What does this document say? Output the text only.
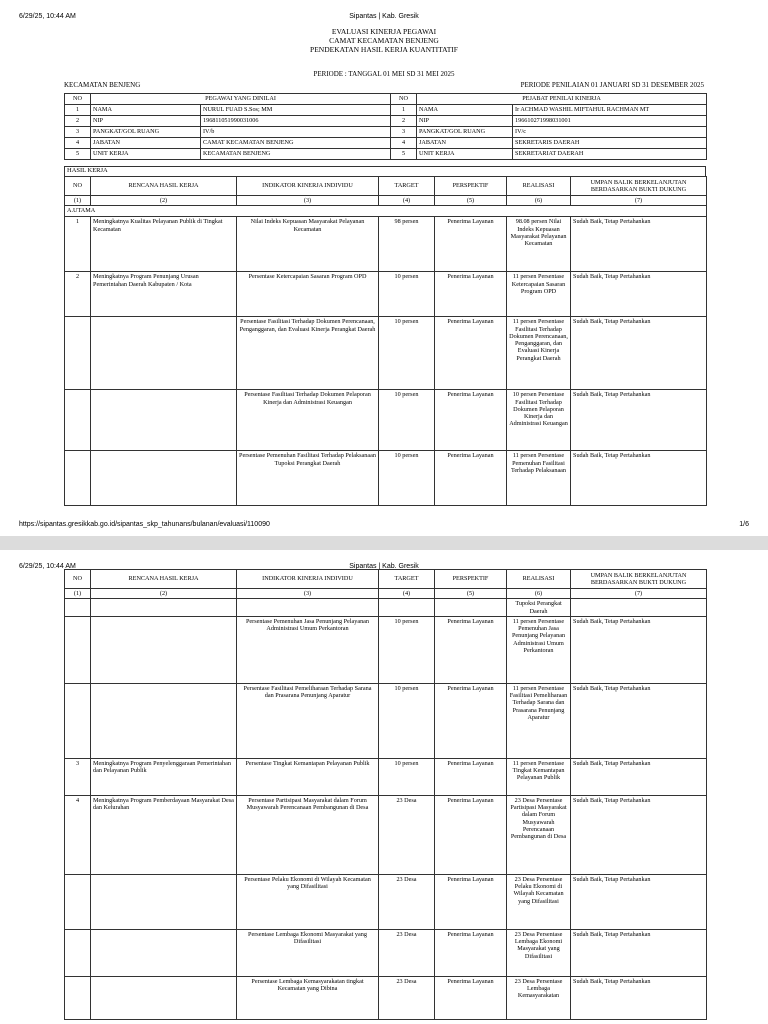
6/29/25, 10:44 AM	Sipantas | Kab. Gresik
EVALUASI KINERJA PEGAWAI
CAMAT KECAMATAN BENJENG
PENDEKATAN HASIL KERJA KUANTITATIF
PERIODE : TANGGAL 01 MEI SD 31 MEI 2025
KECAMATAN BENJENG	PERIODE PENILAIAN 01 JANUARI SD 31 DESEMBER 2025
NO	PEGAWAI YANG DINILAI		NO	PEJABAT PENILAI KINERJA	
1	NAMA	NURUL FUAD S.Sos; MM	1	NAMA	Ir ACHMAD WASHIL MIFTAHUL RACHMAN MT
2	NIP	196811051990031006	2	NIP	196610271998031001
3	PANGKAT/GOL RUANG	IV/b	3	PANGKAT/GOL RUANG	IV/c
4	JABATAN	CAMAT KECAMATAN BENJENG	4	JABATAN	SEKRETARIS DAERAH
5	UNIT KERJA	KECAMATAN BENJENG	5	UNIT KERJA	SEKRETARIAT DAERAH
HASIL KERJA
NO	RENCANA HASIL KERJA	INDIKATOR KINERJA INDIVIDU	TARGET	PERSPEKTIF	REALISASI	UMPAN BALIK BERKELANJUTAN BERDASARKAN BUKTI DUKUNG
(1)	(2)	(3)	(4)	(5)	(6)	(7)
A.UTAMA						
1	Meningkatnya Kualitas Pelayanan Publik di Tingkat Kecamatan	Nilai Indeks Kepuasan Masyarakat Pelayanan Kecamatan	98 persen	Penerima Layanan	98.08 persen Nilai Indeks Kepuasan Masyarakat Pelayanan Kecamatan	Sudah Baik, Tetap Pertahankan
2	Meningkatnya Program Penunjang Urusan Pemerintahan Daerah Kabupaten / Kota	Persentase Ketercapaian Sasaran Program OPD	10 persen	Penerima Layanan	11 persen Persentase Ketercapaian Sasaran Program OPD	Sudah Baik, Tetap Pertahankan
		Persentase Fasilitasi Terhadap Dokumen Perencanaan, Penganggaran, dan Evaluasi Kinerja Perangkat Daerah	10 persen	Penerima Layanan	11 persen Persentase Fasilitasi Terhadap Dokumen Perencanaan, Penganggaran, dan Evaluasi Kinerja Perangkat Daerah	Sudah Baik, Tetap Pertahankan
		Persentase Fasilitasi Terhadap Dokumen Pelaporan Kinerja dan Administrasi Keuangan	10 persen	Penerima Layanan	10 persen Persentase Fasilitasi Terhadap Dokumen Pelaporan Kinerja dan Administrasi Keuangan	Sudah Baik, Tetap Pertahankan
		Persentase Pemenuhan Fasilitasi Terhadap Pelaksanaan Tupoksi Perangkat Daerah	10 persen	Penerima Layanan	11 persen Persentase Pemenuhan Fasilitasi Terhadap Pelaksanaan	Sudah Baik, Tetap Pertahankan
https://sipantas.gresikkab.go.id/sipantas_skp_tahunans/bulanan/evaluasi/110090	1/6
6/29/25, 10:44 AM	Sipantas | Kab. Gresik
NO	RENCANA HASIL KERJA	INDIKATOR KINERJA INDIVIDU	TARGET	PERSPEKTIF	REALISASI	UMPAN BALIK BERKELANJUTAN BERDASARKAN BUKTI DUKUNG
(1)	(2)	(3)	(4)	(5)	(6)	(7)
					Tupoksi Perangkat Daerah	
		Persentase Pemenuhan Jasa Penunjang Pelayanan Administrasi Umum Perkantoran	10 persen	Penerima Layanan	11 persen Persentase Pemenuhan Jasa Penunjang Pelayanan Administrasi Umum Perkantoran	Sudah Baik, Tetap Pertahankan
		Persentase Fasilitasi Pemeliharaan Terhadap Sarana dan Prasarana Penunjang Aparatur	10 persen	Penerima Layanan	11 persen Persentase Fasilitasi Pemeliharaan Terhadap Sarana dan Prasarana Penunjang Aparatur	Sudah Baik, Tetap Pertahankan
3	Meningkatnya Program Penyelenggaraan Pemerintahan dan Pelayanan Publik	Persentase Tingkat Kemantapan Pelayanan Publik	10 persen	Penerima Layanan	11 persen Persentase Tingkat Kemantapan Pelayanan Publik	Sudah Baik, Tetap Pertahankan
4	Meningkatnya Program Pemberdayaan Masyarakat Desa dan Kelurahan	Persentase Partisipasi Masyarakat dalam Forum Musyawarah Perencanaan Pembangunan di Desa	23 Desa	Penerima Layanan	23 Desa Persentase Partisipasi Masyarakat dalam Forum Musyawarah Perencanaan Pembangunan di Desa	Sudah Baik, Tetap Pertahankan
		Persentase Pelaku Ekonomi di Wilayah Kecamatan yang Difasilitasi	23 Desa	Penerima Layanan	23 Desa Persentase Pelaku Ekonomi di Wilayah Kecamatan yang Difasilitasi	Sudah Baik, Tetap Pertahankan
		Persentase Lembaga Ekonomi Masyarakat yang Difasilitasi	23 Desa	Penerima Layanan	23 Desa Persentase Lembaga Ekonomi Masyarakat yang Difasilitasi	Sudah Baik, Tetap Pertahankan
		Persentase Lembaga Kemasyarakatan tingkat Kecamatan yang Dibina	23 Desa	Penerima Layanan	23 Desa Persentase Lembaga Kemasyarakatan	Sudah Baik, Tetap Pertahankan
